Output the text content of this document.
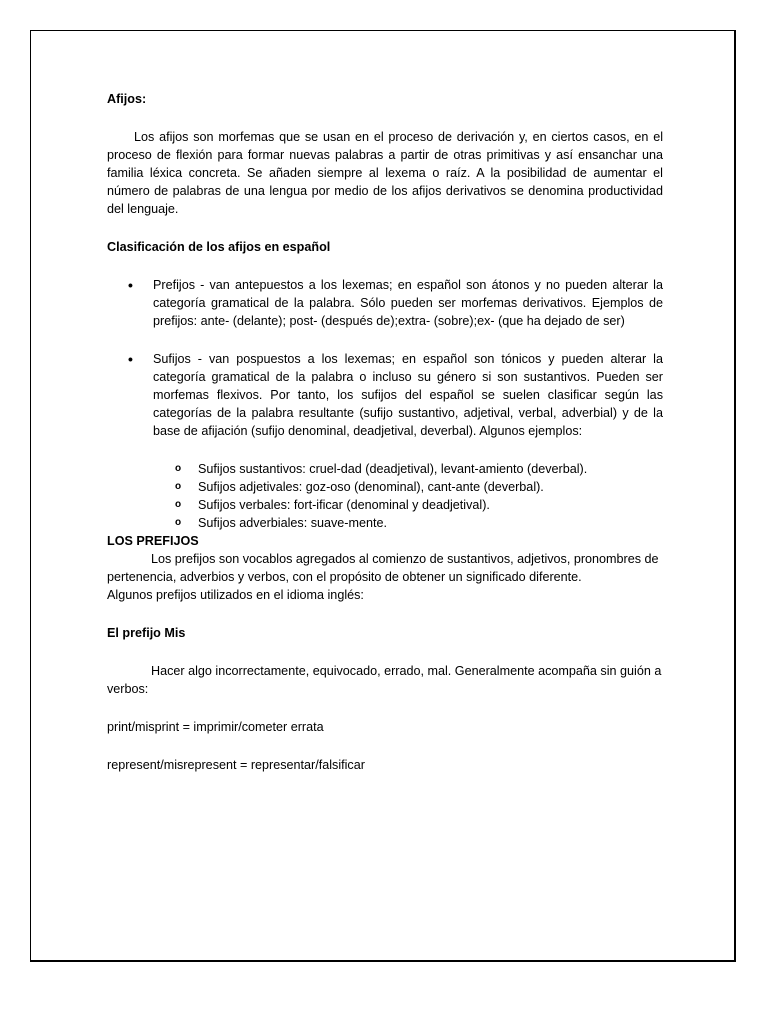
Afijos:

Los afijos son morfemas que se usan en el proceso de derivación y, en ciertos casos, en el proceso de flexión para formar nuevas palabras a partir de otras primitivas y así ensanchar una familia léxica concreta. Se añaden siempre al lexema o raíz. A la posibilidad de aumentar el número de palabras de una lengua por medio de los afijos derivativos se denomina productividad del lenguaje.

Clasificación de los afijos en español

• Prefijos - van antepuestos a los lexemas; en español son átonos y no pueden alterar la categoría gramatical de la palabra. Sólo pueden ser morfemas derivativos. Ejemplos de prefijos: ante- (delante); post- (después de);extra- (sobre);ex- (que ha dejado de ser)

• Sufijos - van pospuestos a los lexemas; en español son tónicos y pueden alterar la categoría gramatical de la palabra o incluso su género si son sustantivos. Pueden ser morfemas flexivos. Por tanto, los sufijos del español se suelen clasificar según las categorías de la palabra resultante (sufijo sustantivo, adjetival, verbal, adverbial) y de la base de afijación (sufijo denominal, deadjetival, deverbal). Algunos ejemplos:

o Sufijos sustantivos: cruel-dad (deadjetival), levant-amiento (deverbal).
o Sufijos adjetivales: goz-oso (denominal), cant-ante (deverbal).
o Sufijos verbales: fort-ificar (denominal y deadjetival).
o Sufijos adverbiales: suave-mente.

LOS PREFIJOS

Los prefijos son vocablos agregados al comienzo de sustantivos, adjetivos, pronombres de pertenencia, adverbios y verbos, con el propósito de obtener un significado diferente.

Algunos prefijos utilizados en el idioma inglés:

El prefijo Mis

Hacer algo incorrectamente, equivocado, errado, mal. Generalmente acompaña sin guión a verbos:

print/misprint = imprimir/cometer errata

represent/misrepresent = representar/falsificar
